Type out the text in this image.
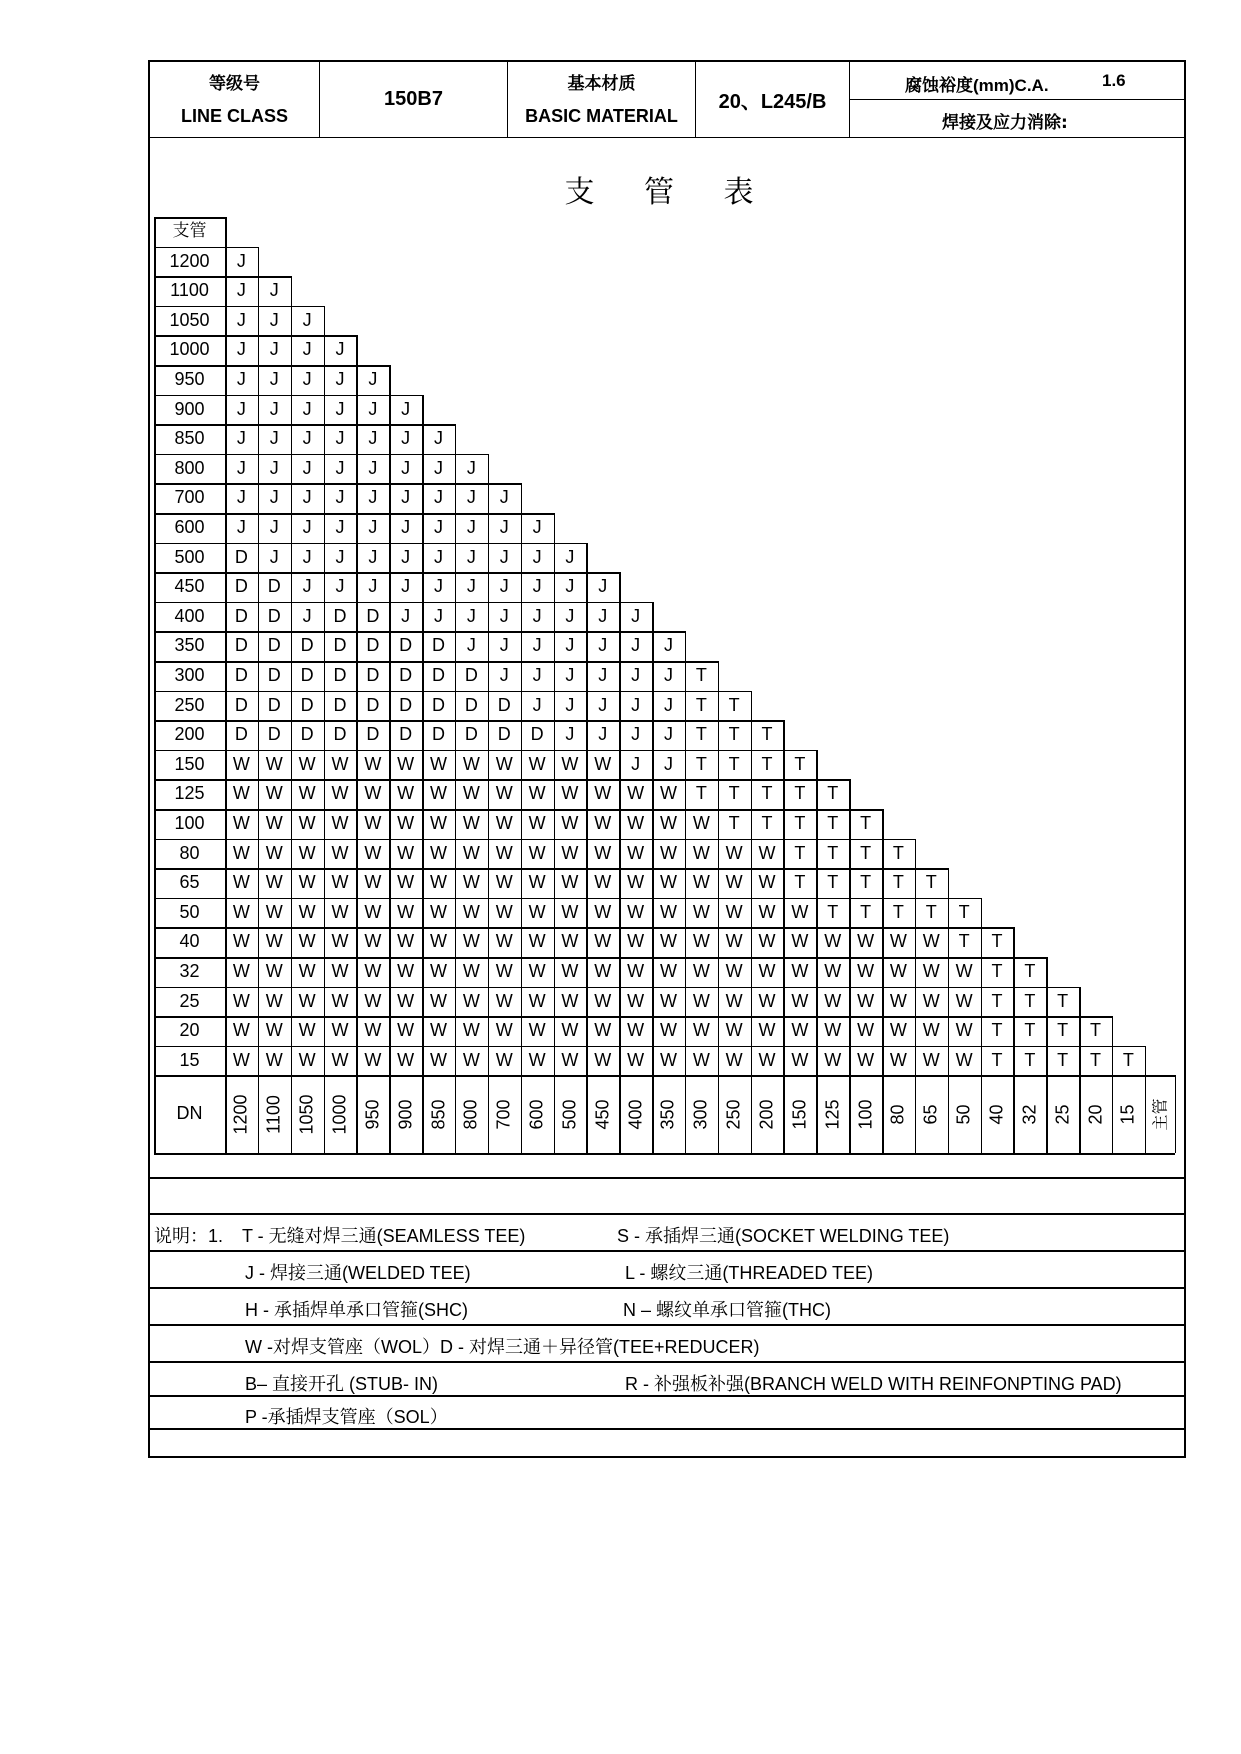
等级号
LINE CLASS
150B7
基本材质
BASIC MATERIAL
20、L245/B
腐蚀裕度(mm)C.A.	1.6
焊接及应力消除:
支 管 表
支管
1200	J
1100	J	J
1050	J	J	J
1000	J	J	J	J
950	J	J	J	J	J
900	J	J	J	J	J	J
850	J	J	J	J	J	J	J
800	J	J	J	J	J	J	J	J
700	J	J	J	J	J	J	J	J	J
600	J	J	J	J	J	J	J	J	J	J
500	D	J	J	J	J	J	J	J	J	J	J
450	D	D	J	J	J	J	J	J	J	J	J	J
400	D	D	J	D	D	J	J	J	J	J	J	J	J
350	D	D	D	D	D	D	D	J	J	J	J	J	J	J
300	D	D	D	D	D	D	D	D	J	J	J	J	J	J	T
250	D	D	D	D	D	D	D	D	D	J	J	J	J	J	T	T
200	D	D	D	D	D	D	D	D	D	D	J	J	J	J	T	T	T
150	W W W W W W W W W W W W	J	J	T	T	T	T
125	W W W W W W W W W W W W W W	T	T	T	T	T
100	W W W W W W W W W W W W W W W	T	T	T	T	T
80	W W W W W W W W W W W W W W W W W	T	T	T	T
65	W W W W W W W W W W W W W W W W W	T	T	T	T	T
50	W W W W W W W W W W W W W W W W W W	T	T	T	T	T
40	W W W W W W W W W W W W W W W W W W W W W W	T	T
32	W W W W W W W W W W W W W W W W W W W W W W W	T	T
25	W W W W W W W W W W W W W W W W W W W W W W W	T	T	T
20	W W W W W W W W W W W W W W W W W W W W W W W	T	T	T	T
15	W W W W W W W W W W W W W W W W W W W W W W W	T	T	T	T	T
DN	1200 1100 1050 1000 950 900 850 800 700 600 500 450 400 350 300 250 200 150 125 100 80 65 50 40 32 25 20 15 主管
说明：1. T - 无缝对焊三通(SEAMLESS TEE)	S - 承插焊三通(SOCKET WELDING TEE)
J - 焊接三通(WELDED TEE)	L - 螺纹三通(THREADED TEE)
H - 承插焊单承口管箍(SHC)	N – 螺纹单承口管箍(THC)
W -对焊支管座（WOL）D - 对焊三通＋异径管(TEE+REDUCER)
B– 直接开孔 (STUB- IN)	R - 补强板补强(BRANCH WELD WITH REINFONPTING PAD)
P -承插焊支管座（SOL）
